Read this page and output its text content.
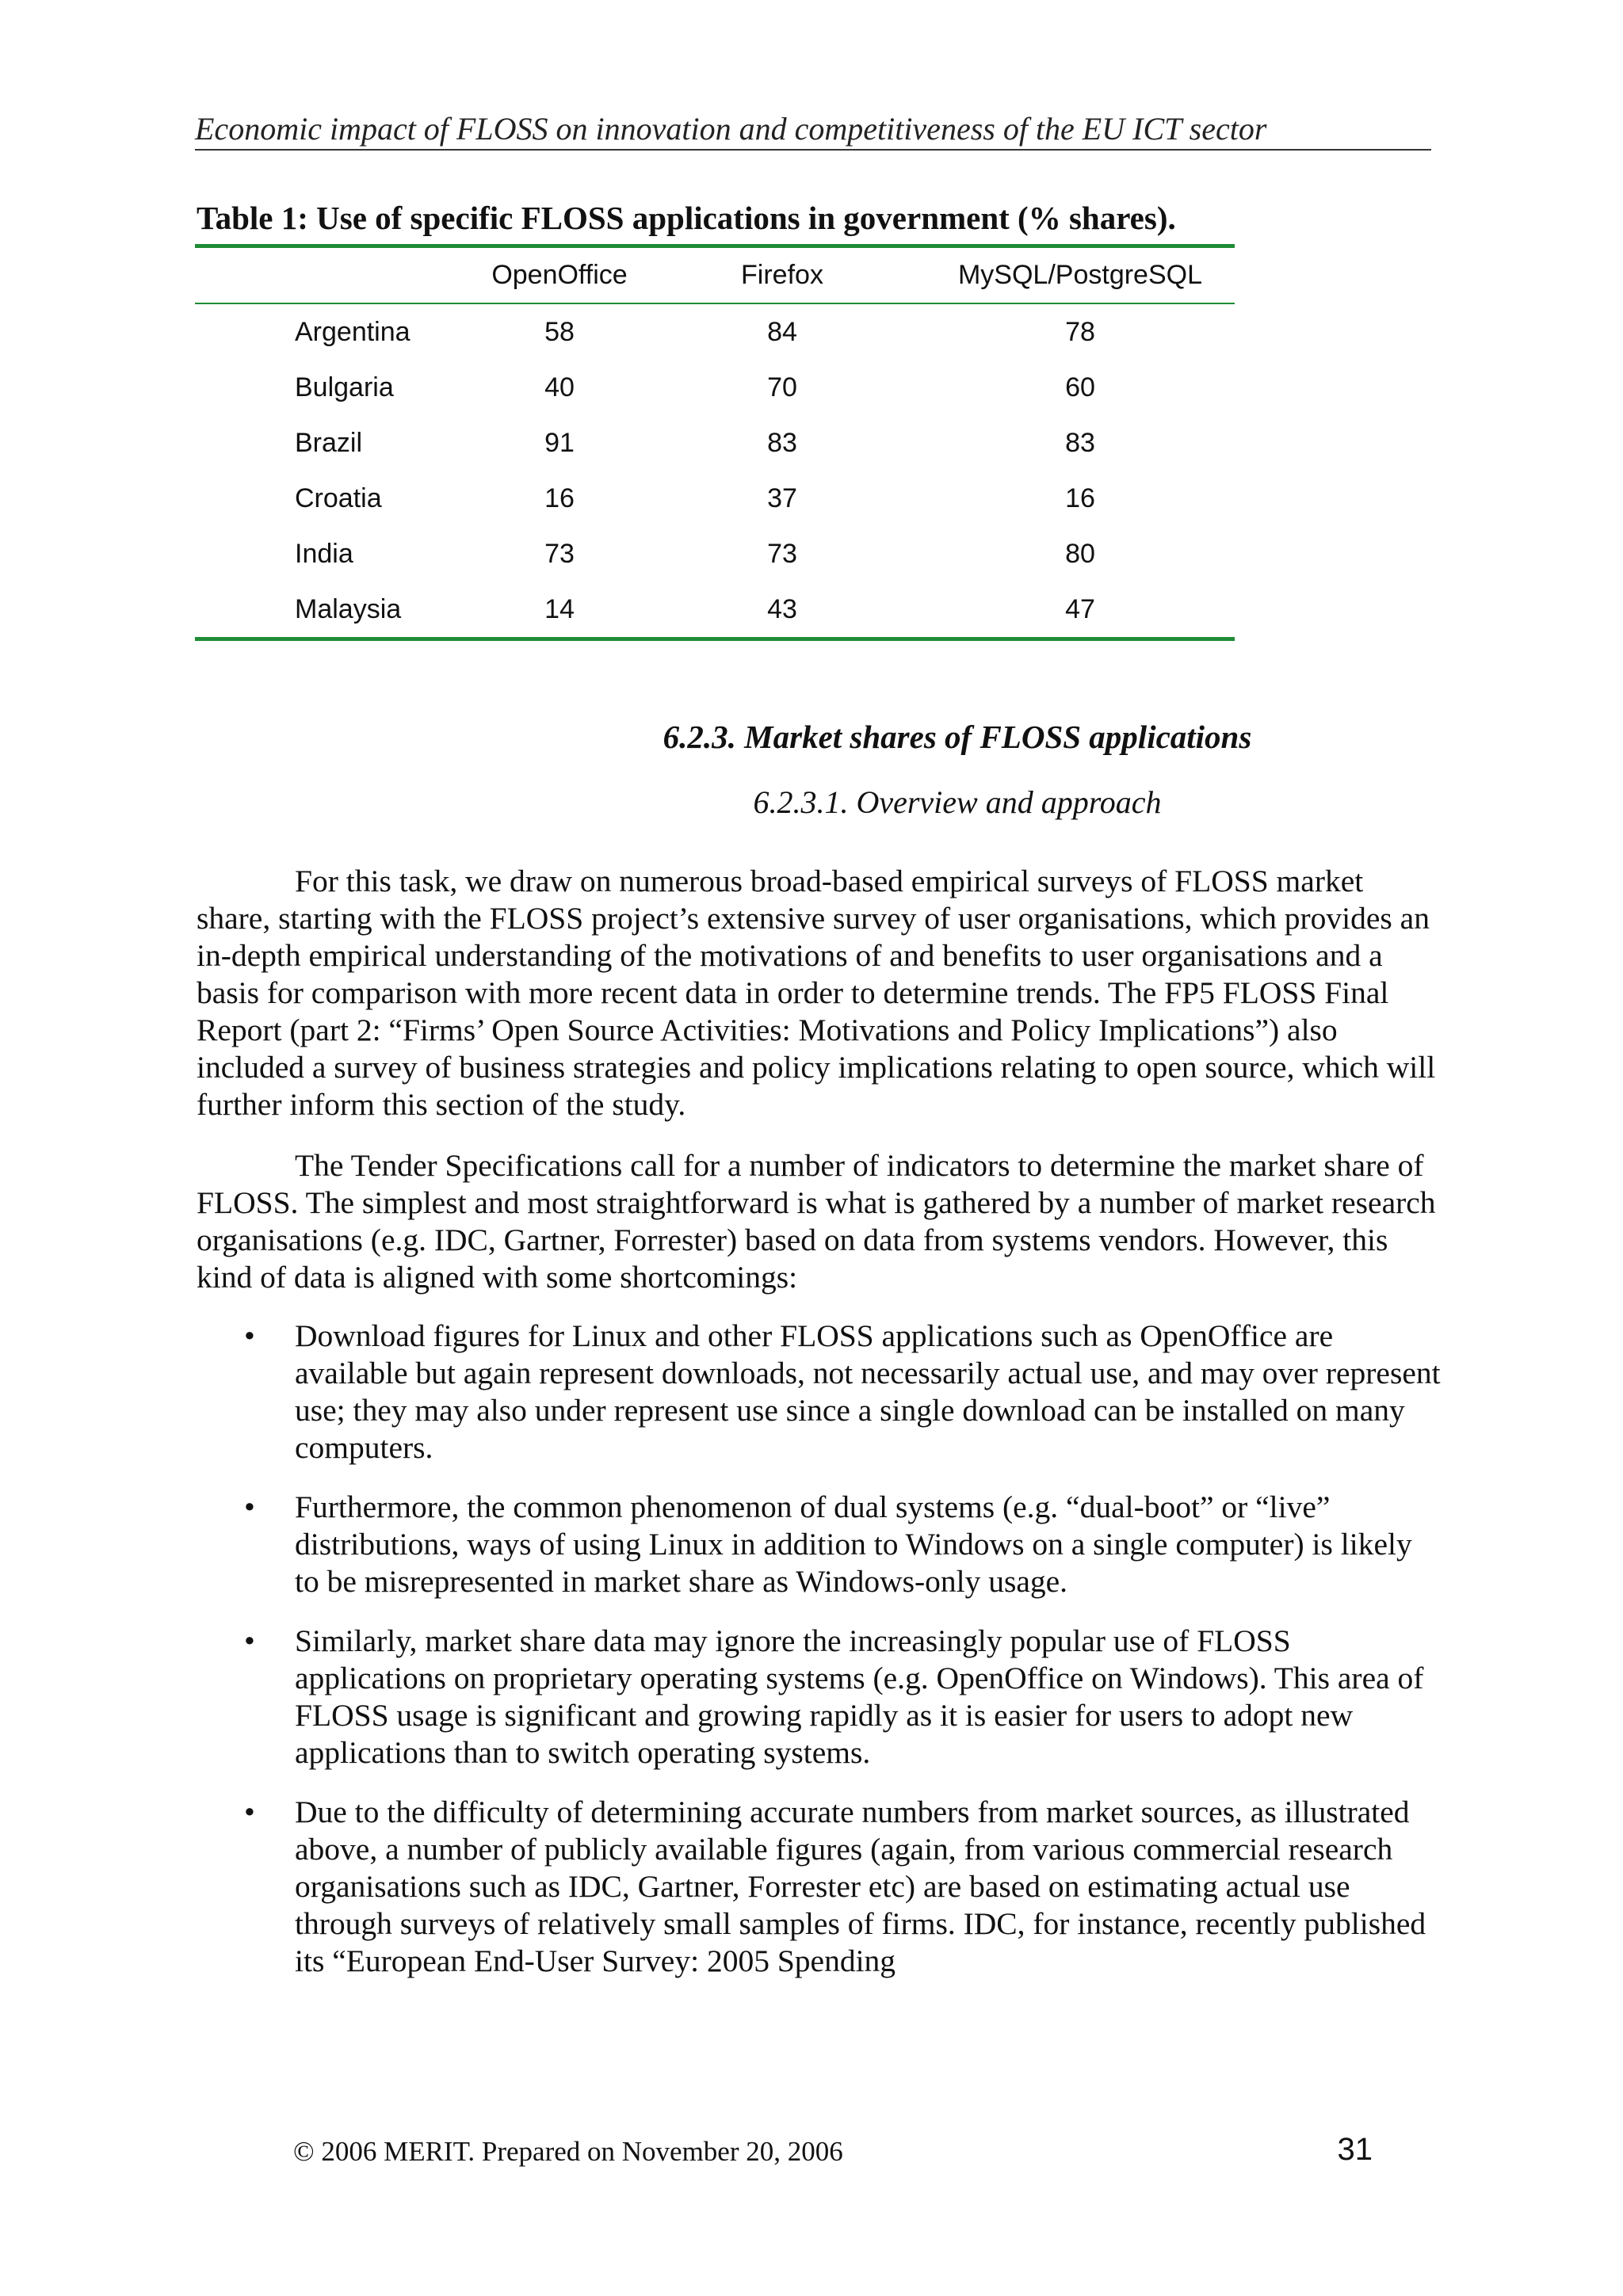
Economic impact of FLOSS on innovation and competitiveness of the EU ICT sector
Table 1: Use of specific FLOSS applications in government (% shares).
	OpenOffice	Firefox	MySQL/PostgreSQL
Argentina	58	84	78
Bulgaria	40	70	60
Brazil	91	83	83
Croatia	16	37	16
India	73	73	80
Malaysia	14	43	47
6.2.3. Market shares of FLOSS applications
6.2.3.1. Overview and approach

For this task, we draw on numerous broad-based empirical surveys of FLOSS market share, starting with the FLOSS project’s extensive survey of user organisations, which provides an in-depth empirical understanding of the motivations of and benefits to user organisations and a basis for comparison with more recent data in order to determine trends. The FP5 FLOSS Final Report (part 2: “Firms’ Open Source Activities: Motivations and Policy Implications”) also included a survey of business strategies and policy implications relating to open source, which will further inform this section of the study.

The Tender Specifications call for a number of indicators to determine the market share of FLOSS. The simplest and most straightforward is what is gathered by a number of market research organisations (e.g. IDC, Gartner, Forrester) based on data from systems vendors. However, this kind of data is aligned with some shortcomings:

• Download figures for Linux and other FLOSS applications such as OpenOffice are available but again represent downloads, not necessarily actual use, and may over represent use; they may also under represent use since a single download can be installed on many computers.
• Furthermore, the common phenomenon of dual systems (e.g. “dual-boot” or “live” distributions, ways of using Linux in addition to Windows on a single computer) is likely to be misrepresented in market share as Windows-only usage.
• Similarly, market share data may ignore the increasingly popular use of FLOSS applications on proprietary operating systems (e.g. OpenOffice on Windows). This area of FLOSS usage is significant and growing rapidly as it is easier for users to adopt new applications than to switch operating systems.
• Due to the difficulty of determining accurate numbers from market sources, as illustrated above, a number of publicly available figures (again, from various commercial research organisations such as IDC, Gartner, Forrester etc) are based on estimating actual use through surveys of relatively small samples of firms. IDC, for instance, recently published its “European End-User Survey: 2005 Spending
© 2006 MERIT. Prepared on November 20, 2006	31
